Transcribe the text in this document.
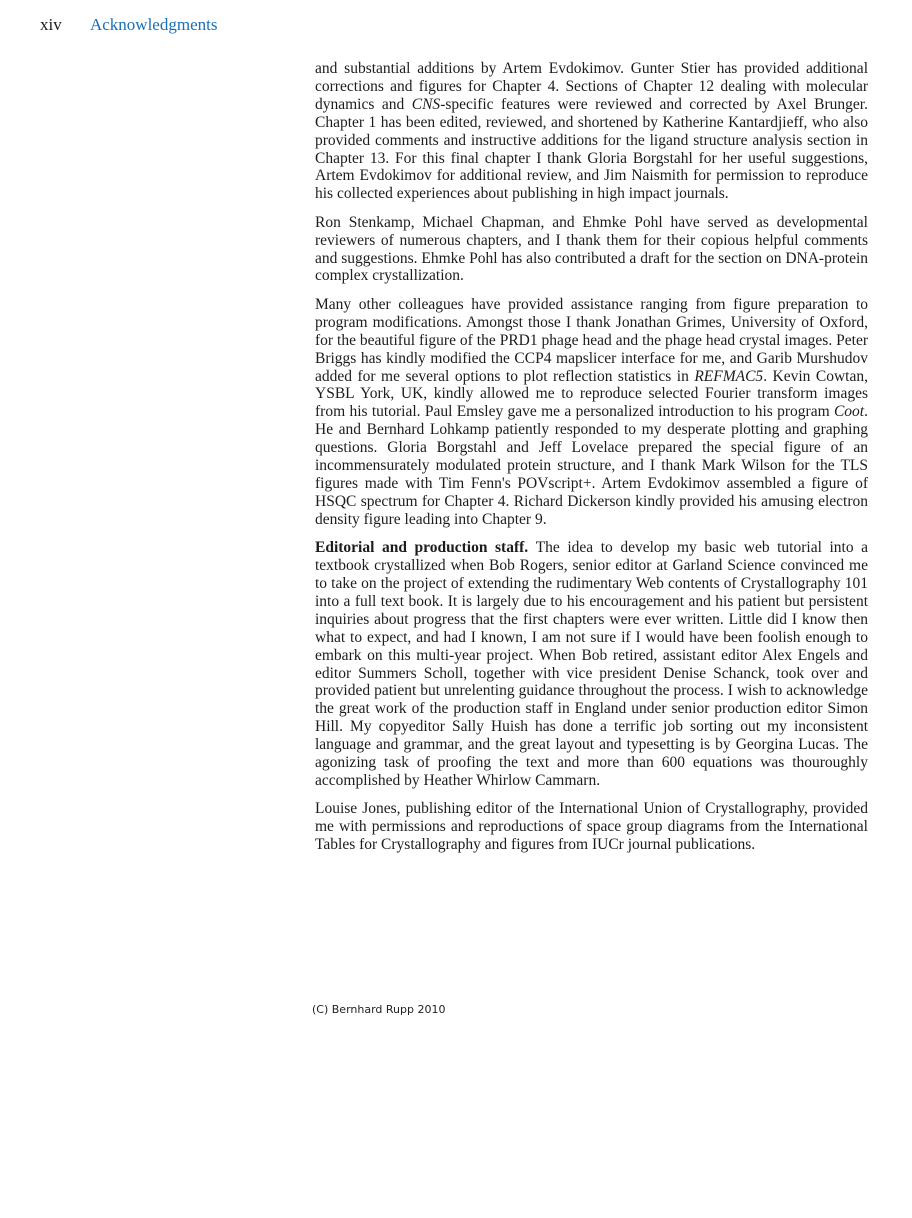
xiv Acknowledgments

and substantial additions by Artem Evdokimov. Gunter Stier has provided additional corrections and figures for Chapter 4. Sections of Chapter 12 dealing with molecular dynamics and CNS-specific features were reviewed and corrected by Axel Brunger. Chapter 1 has been edited, reviewed, and shortened by Katherine Kantardjieff, who also provided comments and instructive additions for the ligand structure analysis section in Chapter 13. For this final chapter I thank Gloria Borgstahl for her useful suggestions, Artem Evdokimov for additional review, and Jim Naismith for permission to reproduce his collected experiences about publishing in high impact journals.

Ron Stenkamp, Michael Chapman, and Ehmke Pohl have served as developmental reviewers of numerous chapters, and I thank them for their copious helpful comments and suggestions. Ehmke Pohl has also contributed a draft for the section on DNA-protein complex crystallization.

Many other colleagues have provided assistance ranging from figure preparation to program modifications. Amongst those I thank Jonathan Grimes, University of Oxford, for the beautiful figure of the PRD1 phage head and the phage head crystal images. Peter Briggs has kindly modified the CCP4 mapslicer interface for me, and Garib Murshudov added for me several options to plot reflection statistics in REFMAC5. Kevin Cowtan, YSBL York, UK, kindly allowed me to reproduce selected Fourier transform images from his tutorial. Paul Emsley gave me a personalized introduction to his program Coot. He and Bernhard Lohkamp patiently responded to my desperate plotting and graphing questions. Gloria Borgstahl and Jeff Lovelace prepared the special figure of an incommensurately modulated protein structure, and I thank Mark Wilson for the TLS figures made with Tim Fenn's POVscript+. Artem Evdokimov assembled a figure of HSQC spectrum for Chapter 4. Richard Dickerson kindly provided his amusing electron density figure leading into Chapter 9.

Editorial and production staff. The idea to develop my basic web tutorial into a textbook crystallized when Bob Rogers, senior editor at Garland Science convinced me to take on the project of extending the rudimentary Web contents of Crystallography 101 into a full text book. It is largely due to his encouragement and his patient but persistent inquiries about progress that the first chapters were ever written. Little did I know then what to expect, and had I known, I am not sure if I would have been foolish enough to embark on this multi-year project. When Bob retired, assistant editor Alex Engels and editor Summers Scholl, together with vice president Denise Schanck, took over and provided patient but unrelenting guidance throughout the process. I wish to acknowledge the great work of the production staff in England under senior production editor Simon Hill. My copyeditor Sally Huish has done a terrific job sorting out my inconsistent language and grammar, and the great layout and typesetting is by Georgina Lucas. The agonizing task of proofing the text and more than 600 equations was thouroughly accomplished by Heather Whirlow Cammarn.

Louise Jones, publishing editor of the International Union of Crystallography, provided me with permissions and reproductions of space group diagrams from the International Tables for Crystallography and figures from IUCr journal publications.

(C) Bernhard Rupp 2010
